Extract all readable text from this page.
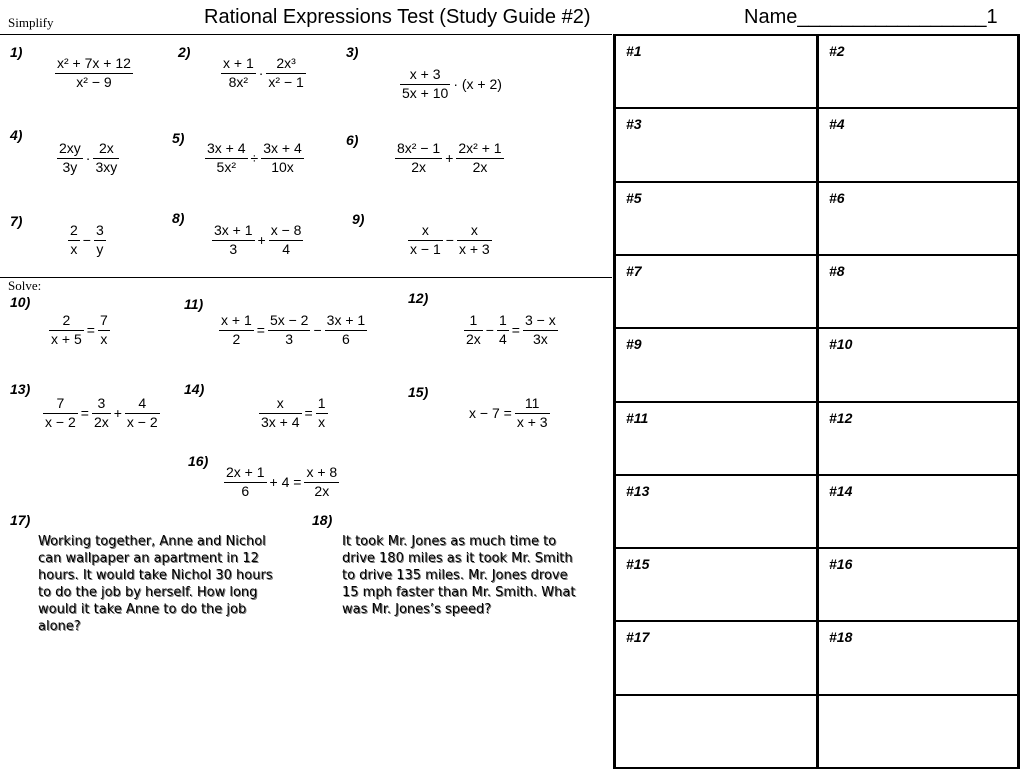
Simplify	Rational Expressions Test (Study Guide #2)	Name_________________1
1)
$\frac{\text{x² + 7x + 12}}{\text{x² − 9}}$
2)
$\frac{x + 1}{\text{8x²}} \cdot \frac{\text{2x³}}{\text{x² − 1}}$
3)
$\frac{x + 3}{5x + 10} \cdot (x + 2)$
4)
$\frac{2xy}{3y} \cdot \frac{2x}{3xy}$
5)
$\frac{3x + 4}{\text{5x²}} \div \frac{3x + 4}{10x}$	6)	$\frac{\text{8x² − 1}}{2x} + \frac{\text{2x² + 1}}{2x}$
7)
$\frac{2}{x} - \frac{3}{y}$
8)
$\frac{3x + 1}{3} + \frac{x - 8}{4}$
9)
$\frac{x}{x - 1} - \frac{x}{x + 3}$
Solve:
10)
$\frac{2}{x + 5} = \frac{7}{x}$
11)
$\frac{x + 1}{2} = \frac{5x - 2}{3} - \frac{3x + 1}{6}$
12)
$\frac{1}{2x} - \frac{1}{4} = \frac{3 - x}{3x}$
13)
$\frac{7}{x - 2} = \frac{3}{2x} + \frac{4}{x - 2}$
14)
$\frac{x}{3x + 4} = \frac{1}{x}$
15)
$x - 7 = \frac{11}{x + 3}$
16)
$\frac{2x + 1}{6} + 4 = \frac{x + 8}{2x}$
17)
Working together, Anne and Nichol can wallpaper an apartment in 12 hours. It would take Nichol 30 hours to do the job by herself. How long would it take Anne to do the job alone?
18)
It took Mr. Jones as much time to drive 180 miles as it took Mr. Smith to drive 135 miles. Mr. Jones drove 15 mph faster than Mr. Smith. What was Mr. Jones’s speed?
#1	#2
#3	#4
#5	#6
#7	#8
#9	#10
#11	#12
#13	#14
#15	#16
#17	#18
